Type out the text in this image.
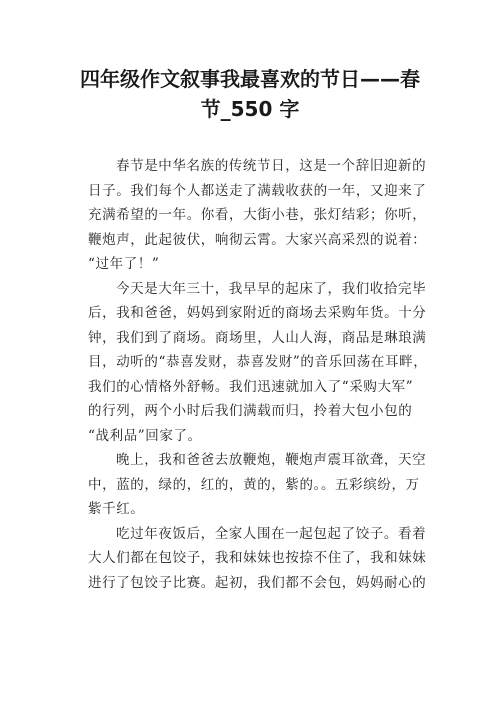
四年级作文叙事我最喜欢的节日——春
节_550 字
春节是中华名族的传统节日，这是一个辞旧迎新的
日子。我们每个人都送走了满载收获的一年，又迎来了
充满希望的一年。你看，大街小巷，张灯结彩；你听，
鞭炮声，此起彼伏，响彻云霄。大家兴高采烈的说着：
“过年了！”
今天是大年三十，我早早的起床了，我们收拾完毕
后，我和爸爸，妈妈到家附近的商场去采购年货。十分
钟，我们到了商场。商场里，人山人海，商品是琳琅满
目，动听的“恭喜发财，恭喜发财”的音乐回荡在耳畔，
我们的心情格外舒畅。我们迅速就加入了“采购大军”
的行列，两个小时后我们满载而归，拎着大包小包的
“战利品”回家了。
晚上，我和爸爸去放鞭炮，鞭炮声震耳欲聋，天空
中，蓝的，绿的，红的，黄的，紫的。。五彩缤纷，万
紫千红。
吃过年夜饭后，全家人围在一起包起了饺子。看着
大人们都在包饺子，我和妹妹也按捺不住了，我和妹妹
进行了包饺子比赛。起初，我们都不会包，妈妈耐心的
